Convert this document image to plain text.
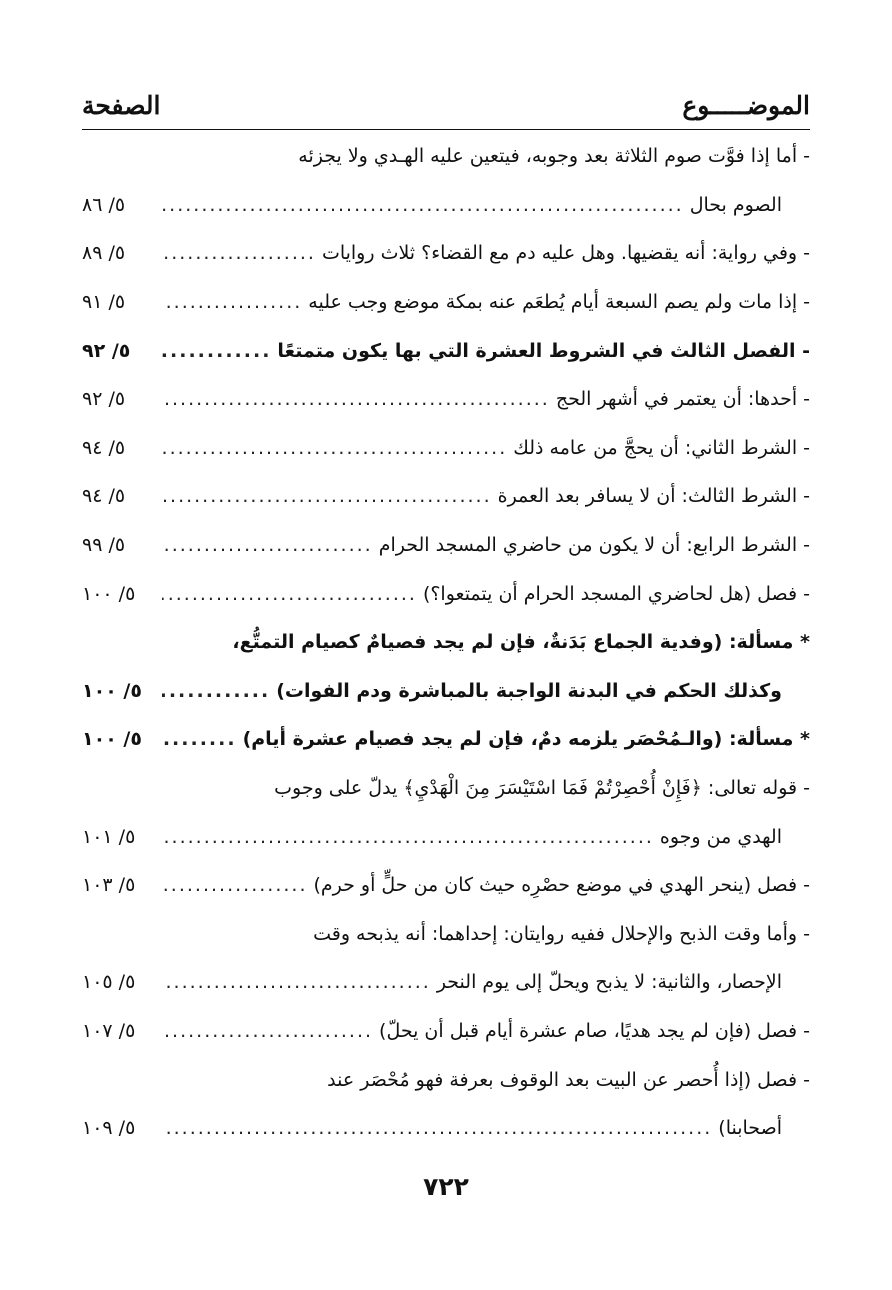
الموضـــــوع
الصفحة
- أما إذا فوَّت صوم الثلاثة بعد وجوبه، فيتعين عليه الهـدي ولا يجزئه
الصوم بحال
.....
٥/ ٨٦
- وفي رواية: أنه يقضيها. وهل عليه دم مع القضاء؟ ثلاث روايات
.....
٥/ ٨٩
- إذا مات ولم يصم السبعة أيام يُطعَم عنه بمكة موضع وجب عليه
.....
٥/ ٩١
- الفصل الثالث في الشروط العشرة التي بها يكون متمتعًا
.....
٥/ ٩٢
- أحدها: أن يعتمر في أشهر الحج
.....
٥/ ٩٢
- الشرط الثاني: أن يحجَّ من عامه ذلك
.....
٥/ ٩٤
- الشرط الثالث: أن لا يسافر بعد العمرة
.....
٥/ ٩٤
- الشرط الرابع: أن لا يكون من حاضري المسجد الحرام
.....
٥/ ٩٩
- فصل (هل لحاضري المسجد الحرام أن يتمتعوا؟)
.....
٥/ ١٠٠
* مسألة: (وفدية الجماع بَدَنةٌ، فإن لم يجد فصيامٌ كصيام التمتُّع،
وكذلك الحكم في البدنة الواجبة بالمباشرة ودم الفوات)
.....
٥/ ١٠٠
* مسألة: (والـمُحْصَر يلزمه دمٌ، فإن لم يجد فصيام عشرة أيام)
.....
٥/ ١٠٠
- قوله تعالى: ﴿فَإِنْ أُحْصِرْتُمْ فَمَا اسْتَيْسَرَ مِنَ الْهَدْيِ﴾ يدلّ على وجوب
الهدي من وجوه
.....
٥/ ١٠١
- فصل (ينحر الهدي في موضع حصْرِه حيث كان من حلٍّ أو حرم)
.....
٥/ ١٠٣
- وأما وقت الذبح والإحلال ففيه روايتان: إحداهما: أنه يذبحه وقت
الإحصار، والثانية: لا يذبح ويحلّ إلى يوم النحر
.....
٥/ ١٠٥
- فصل (فإن لم يجد هديًا، صام عشرة أيام قبل أن يحلّ)
.....
٥/ ١٠٧
- فصل (إذا أُحصر عن البيت بعد الوقوف بعرفة فهو مُحْصَر عند
أصحابنا)
.....
٥/ ١٠٩
٧٢٢
